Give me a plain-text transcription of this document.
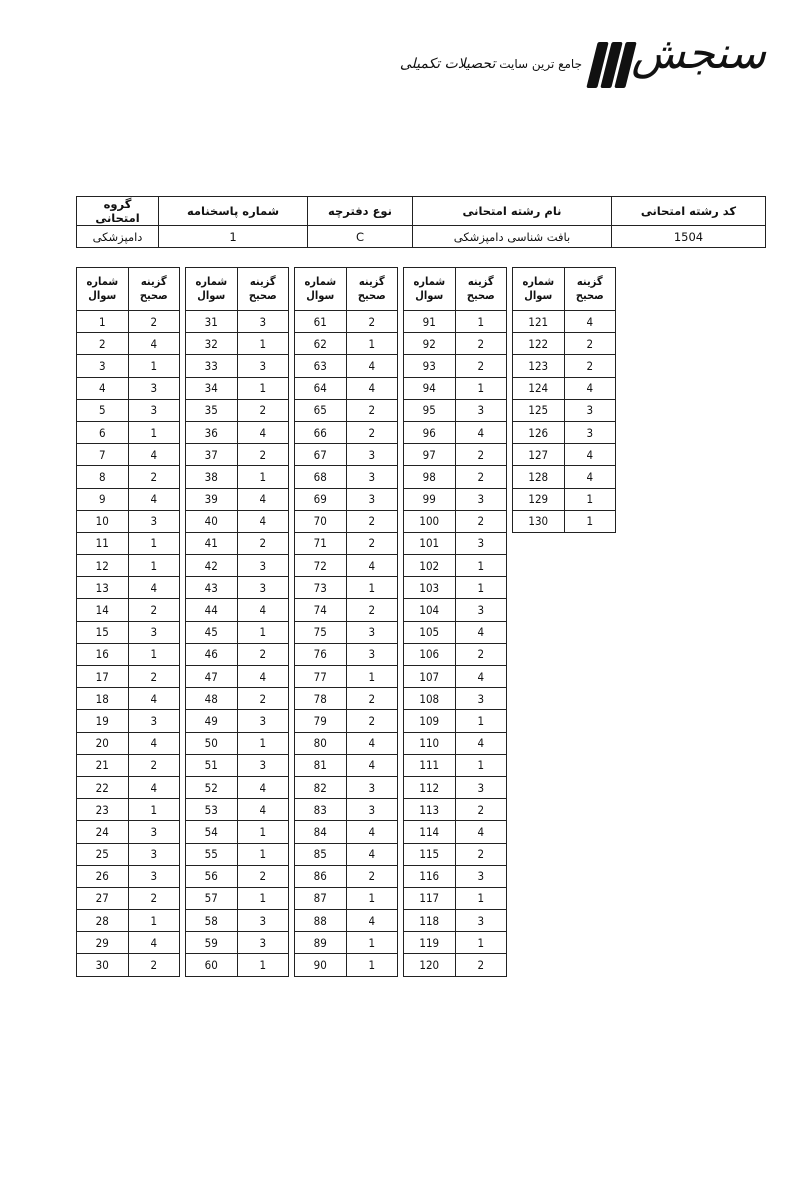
سنجش
جامع ترین سایت تحصیلات تکمیلی
کد رشته امتحانی	نام رشته امتحانی	نوع دفترچه	شماره پاسخنامه	گروه امتحانی
1504	بافت شناسی دامپزشکی	C	1	دامپزشکی
شماره سوال	گزینه صحیح
1	2
2	4
3	1
4	3
5	3
6	1
7	4
8	2
9	4
10	3
11	1
12	1
13	4
14	2
15	3
16	1
17	2
18	4
19	3
20	4
21	2
22	4
23	1
24	3
25	3
26	3
27	2
28	1
29	4
30	2
شماره سوال	گزینه صحیح
31	3
32	1
33	3
34	1
35	2
36	4
37	2
38	1
39	4
40	4
41	2
42	3
43	3
44	4
45	1
46	2
47	4
48	2
49	3
50	1
51	3
52	4
53	4
54	1
55	1
56	2
57	1
58	3
59	3
60	1
شماره سوال	گزینه صحیح
61	2
62	1
63	4
64	4
65	2
66	2
67	3
68	3
69	3
70	2
71	2
72	4
73	1
74	2
75	3
76	3
77	1
78	2
79	2
80	4
81	4
82	3
83	3
84	4
85	4
86	2
87	1
88	4
89	1
90	1
شماره سوال	گزینه صحیح
91	1
92	2
93	2
94	1
95	3
96	4
97	2
98	2
99	3
100	2
101	3
102	1
103	1
104	3
105	4
106	2
107	4
108	3
109	1
110	4
111	1
112	3
113	2
114	4
115	2
116	3
117	1
118	3
119	1
120	2
شماره سوال	گزینه صحیح
121	4
122	2
123	2
124	4
125	3
126	3
127	4
128	4
129	1
130	1
